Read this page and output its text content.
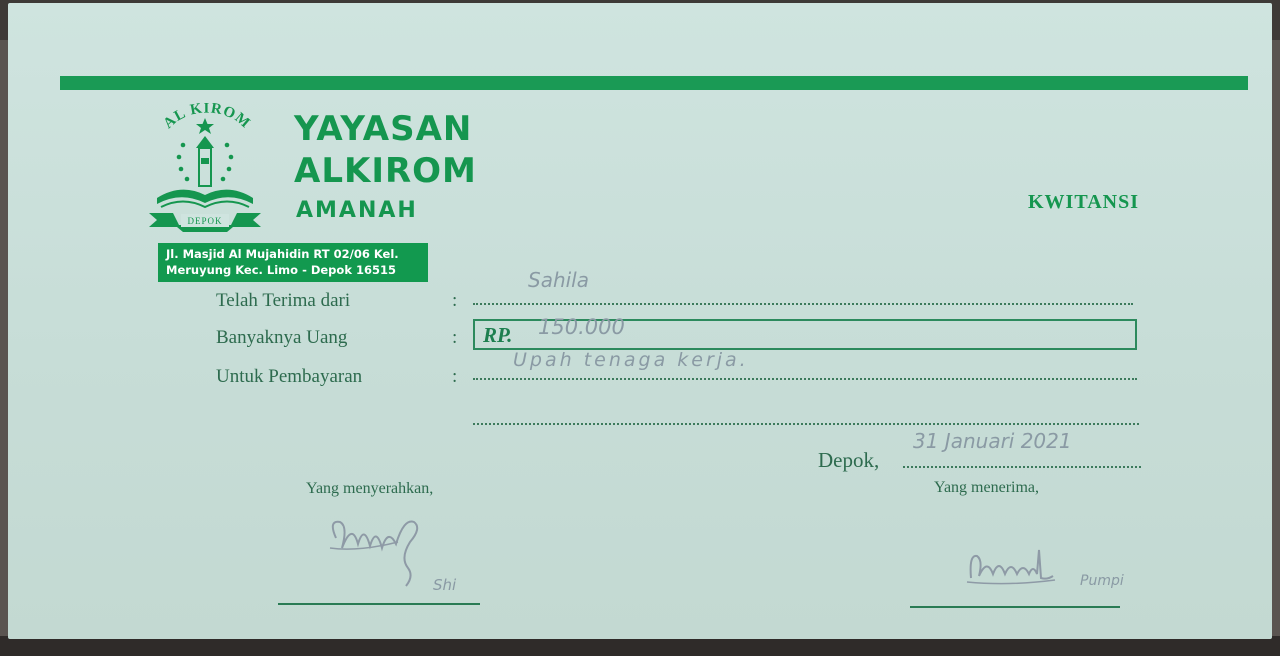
AL KIROM
DEPOK
YAYASAN
ALKIROM
AMANAH
Jl. Masjid Al Mujahidin RT 02/06 Kel.
Meruyung Kec. Limo - Depok 16515
KWITANSI
Telah Terima dari	:
Sahila
Banyaknya Uang	: RP. 150.000
Untuk Pembayaran	:
Upah tenaga kerja.
Depok,
31 Januari 2021
Yang menyerahkan,	Yang menerima,
Shi	Pumpi
